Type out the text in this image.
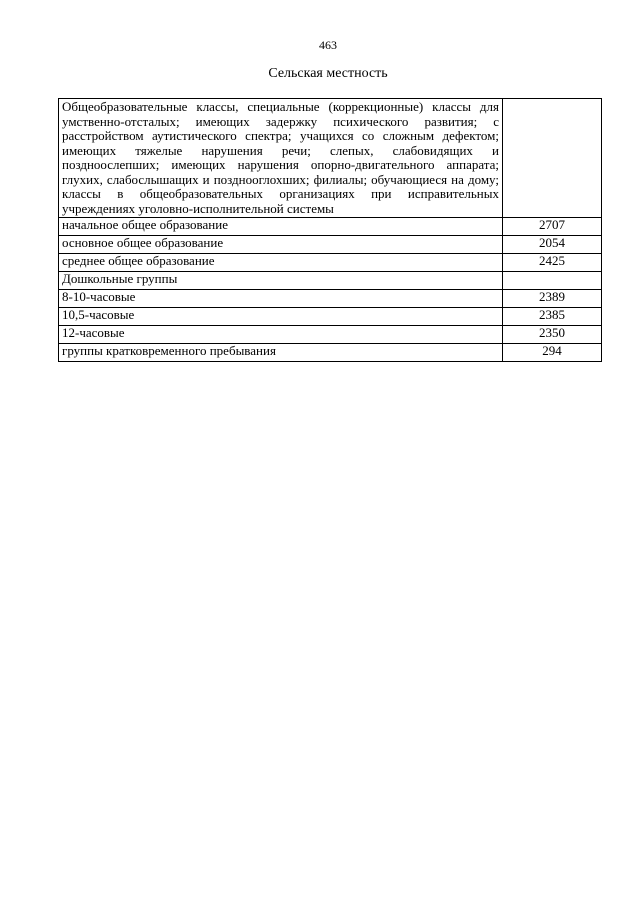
463
Сельская местность
Общеобразовательные классы, специальные (коррекционные) классы для умственно-отсталых; имеющих задержку психического развития; с расстройством аутистического спектра; учащихся со сложным дефектом; имеющих тяжелые нарушения речи; слепых, слабовидящих и поздноослепших; имеющих нарушения опорно-двигательного аппарата; глухих, слабослышащих и позднооглохших; филиалы; обучающиеся на дому; классы в общеобразовательных организациях при исправительных учреждениях уголовно-исполнительной системы	
начальное общее образование	2707
основное общее образование	2054
среднее общее образование	2425
Дошкольные группы	
8-10-часовые	2389
10,5-часовые	2385
12-часовые	2350
группы кратковременного пребывания	294
